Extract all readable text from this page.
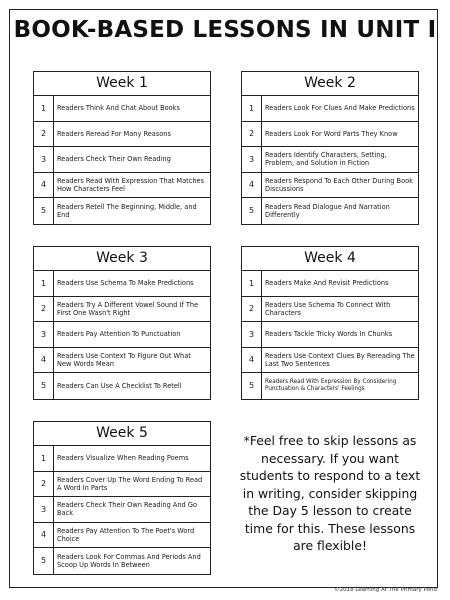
BOOK-BASED LESSONS IN UNIT I
Week 1
1	Readers Think And Chat About Books
2	Readers Reread For Many Reasons
3	Readers Check Their Own Reading
4	Readers Read With Expression That Matches How Characters Feel
5	Readers Retell The Beginning, Middle, and End
Week 2
1	Readers Look For Clues And Make Predictions
2	Readers Look For Word Parts They Know
3	Readers Identify Characters, Setting, Problem, and Solution in Fiction
4	Readers Respond To Each Other During Book Discussions
5	Readers Read Dialogue And Narration Differently
Week 3
1	Readers Use Schema To Make Predictions
2	Readers Try A Different Vowel Sound If The First One Wasn't Right
3	Readers Pay Attention To Punctuation
4	Readers Use Context To Figure Out What New Words Mean
5	Readers Can Use A Checklist To Retell
Week 4
1	Readers Make And Revisit Predictions
2	Readers Use Schema To Connect With Characters
3	Readers Tackle Tricky Words In Chunks
4	Readers Use Context Clues By Rereading The Last Two Sentences
5	Readers Read With Expression By Considering Punctuation & Characters' Feelings
Week 5
1	Readers Visualize When Reading Poems
2	Readers Cover Up The Word Ending To Read A Word In Parts
3	Readers Check Their Own Reading And Go Back
4	Readers Pay Attention To The Poet's Word Choice
5	Readers Look For Commas And Periods And Scoop Up Words In Between
*Feel free to skip lessons as necessary. If you want students to respond to a text in writing, consider skipping the Day 5 lesson to create time for this. These lessons are flexible!
©2018 Learning At The Primary Pond
